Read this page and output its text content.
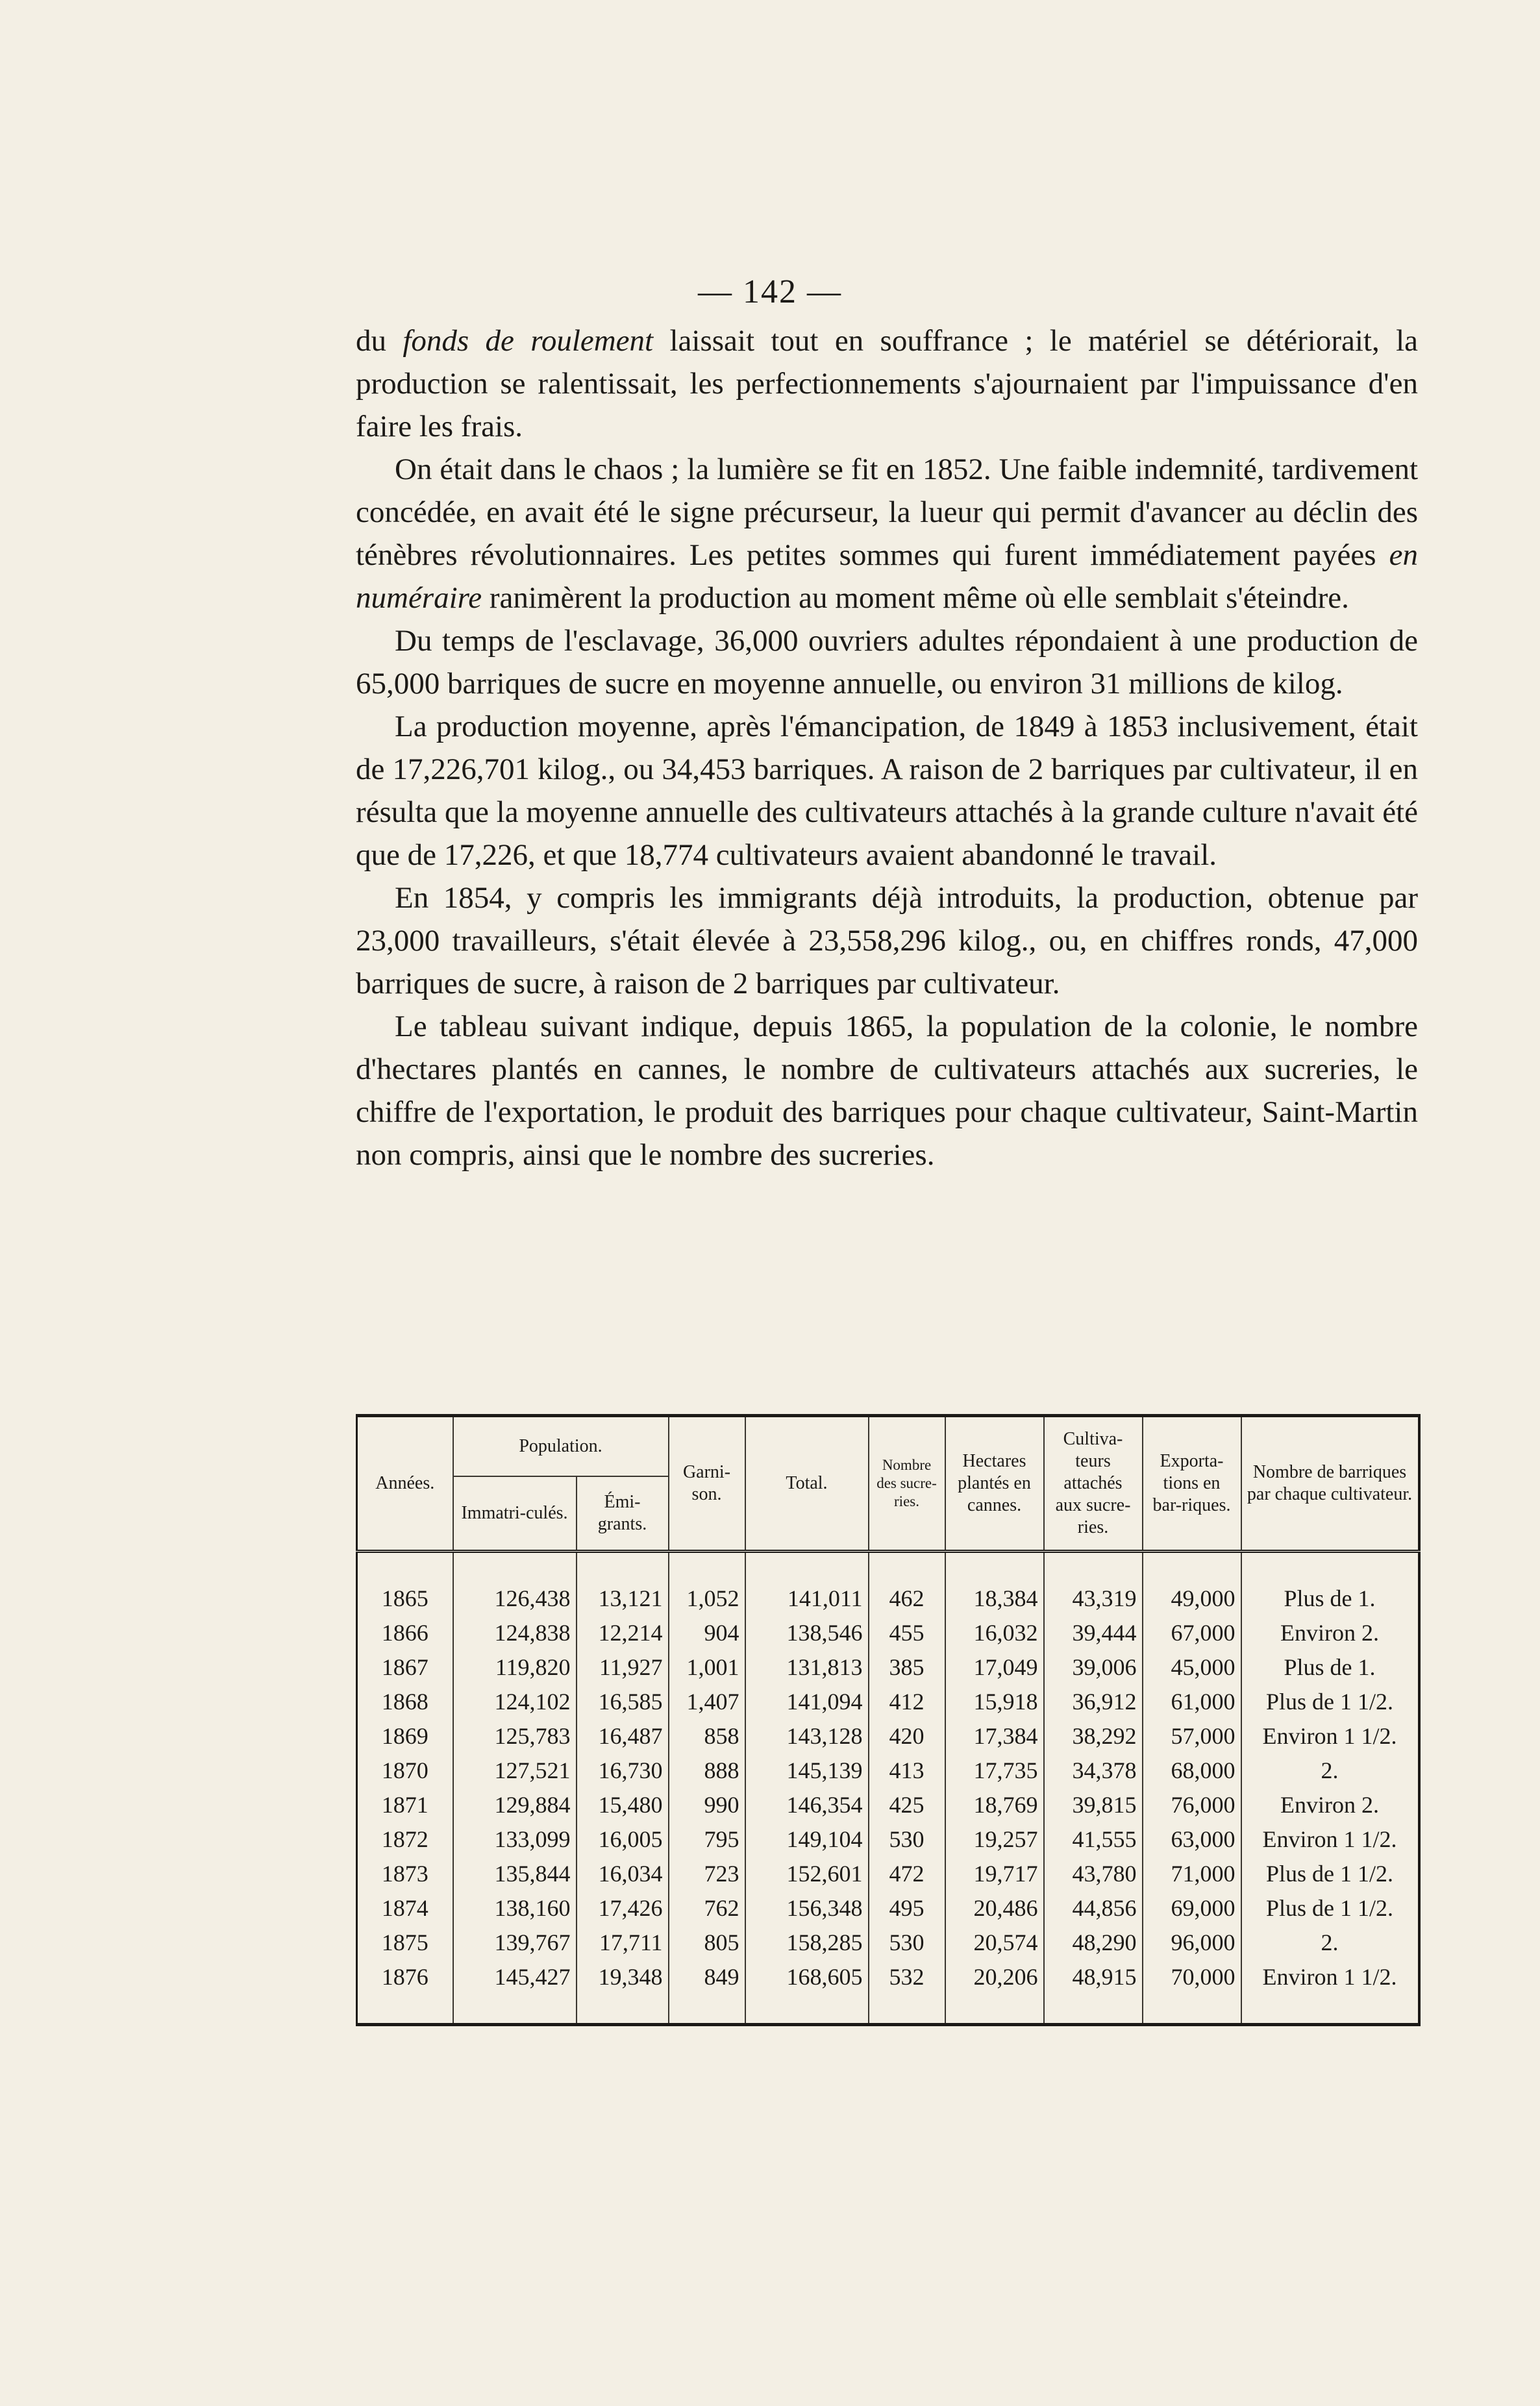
— 142 —

du fonds de roulement laissait tout en souffrance ; le matériel se détériorait, la production se ralentissait, les perfectionnements s'ajournaient par l'impuissance d'en faire les frais.

On était dans le chaos ; la lumière se fit en 1852. Une faible indemnité, tardivement concédée, en avait été le signe précurseur, la lueur qui permit d'avancer au déclin des ténèbres révolutionnaires. Les petites sommes qui furent immédiatement payées en numéraire ranimèrent la production au moment même où elle semblait s'éteindre.

Du temps de l'esclavage, 36,000 ouvriers adultes répondaient à une production de 65,000 barriques de sucre en moyenne annuelle, ou environ 31 millions de kilog.

La production moyenne, après l'émancipation, de 1849 à 1853 inclusivement, était de 17,226,701 kilog., ou 34,453 barriques. A raison de 2 barriques par cultivateur, il en résulta que la moyenne annuelle des cultivateurs attachés à la grande culture n'avait été que de 17,226, et que 18,774 cultivateurs avaient abandonné le travail.

En 1854, y compris les immigrants déjà introduits, la production, obtenue par 23,000 travailleurs, s'était élevée à 23,558,296 kilog., ou, en chiffres ronds, 47,000 barriques de sucre, à raison de 2 barriques par cultivateur.

Le tableau suivant indique, depuis 1865, la population de la colonie, le nombre d'hectares plantés en cannes, le nombre de cultivateurs attachés aux sucreries, le chiffre de l'exportation, le produit des barriques pour chaque cultivateur, Saint-Martin non compris, ainsi que le nombre des sucreries.

Années.	Population.		Garni-son.	Total.	Nombre des sucre-ries.	Hectares plantés en cannes.	Cultiva-teurs attachés aux sucre-ries.	Exporta-tions en bar-riques.	Nombre de barriques par chaque cultivateur.
	Immatri-culés.	Émi-grants.							

1865	126,438	13,121	1,052	141,011	462	18,384	43,319	49,000	Plus de 1.
1866	124,838	12,214	904	138,546	455	16,032	39,444	67,000	Environ 2.
1867	119,820	11,927	1,001	131,813	385	17,049	39,006	45,000	Plus de 1.
1868	124,102	16,585	1,407	141,094	412	15,918	36,912	61,000	Plus de 1 1/2.
1869	125,783	16,487	858	143,128	420	17,384	38,292	57,000	Environ 1 1/2.
1870	127,521	16,730	888	145,139	413	17,735	34,378	68,000	2.
1871	129,884	15,480	990	146,354	425	18,769	39,815	76,000	Environ 2.
1872	133,099	16,005	795	149,104	530	19,257	41,555	63,000	Environ 1 1/2.
1873	135,844	16,034	723	152,601	472	19,717	43,780	71,000	Plus de 1 1/2.
1874	138,160	17,426	762	156,348	495	20,486	44,856	69,000	Plus de 1 1/2.
1875	139,767	17,711	805	158,285	530	20,574	48,290	96,000	2.
1876	145,427	19,348	849	168,605	532	20,206	48,915	70,000	Environ 1 1/2.
